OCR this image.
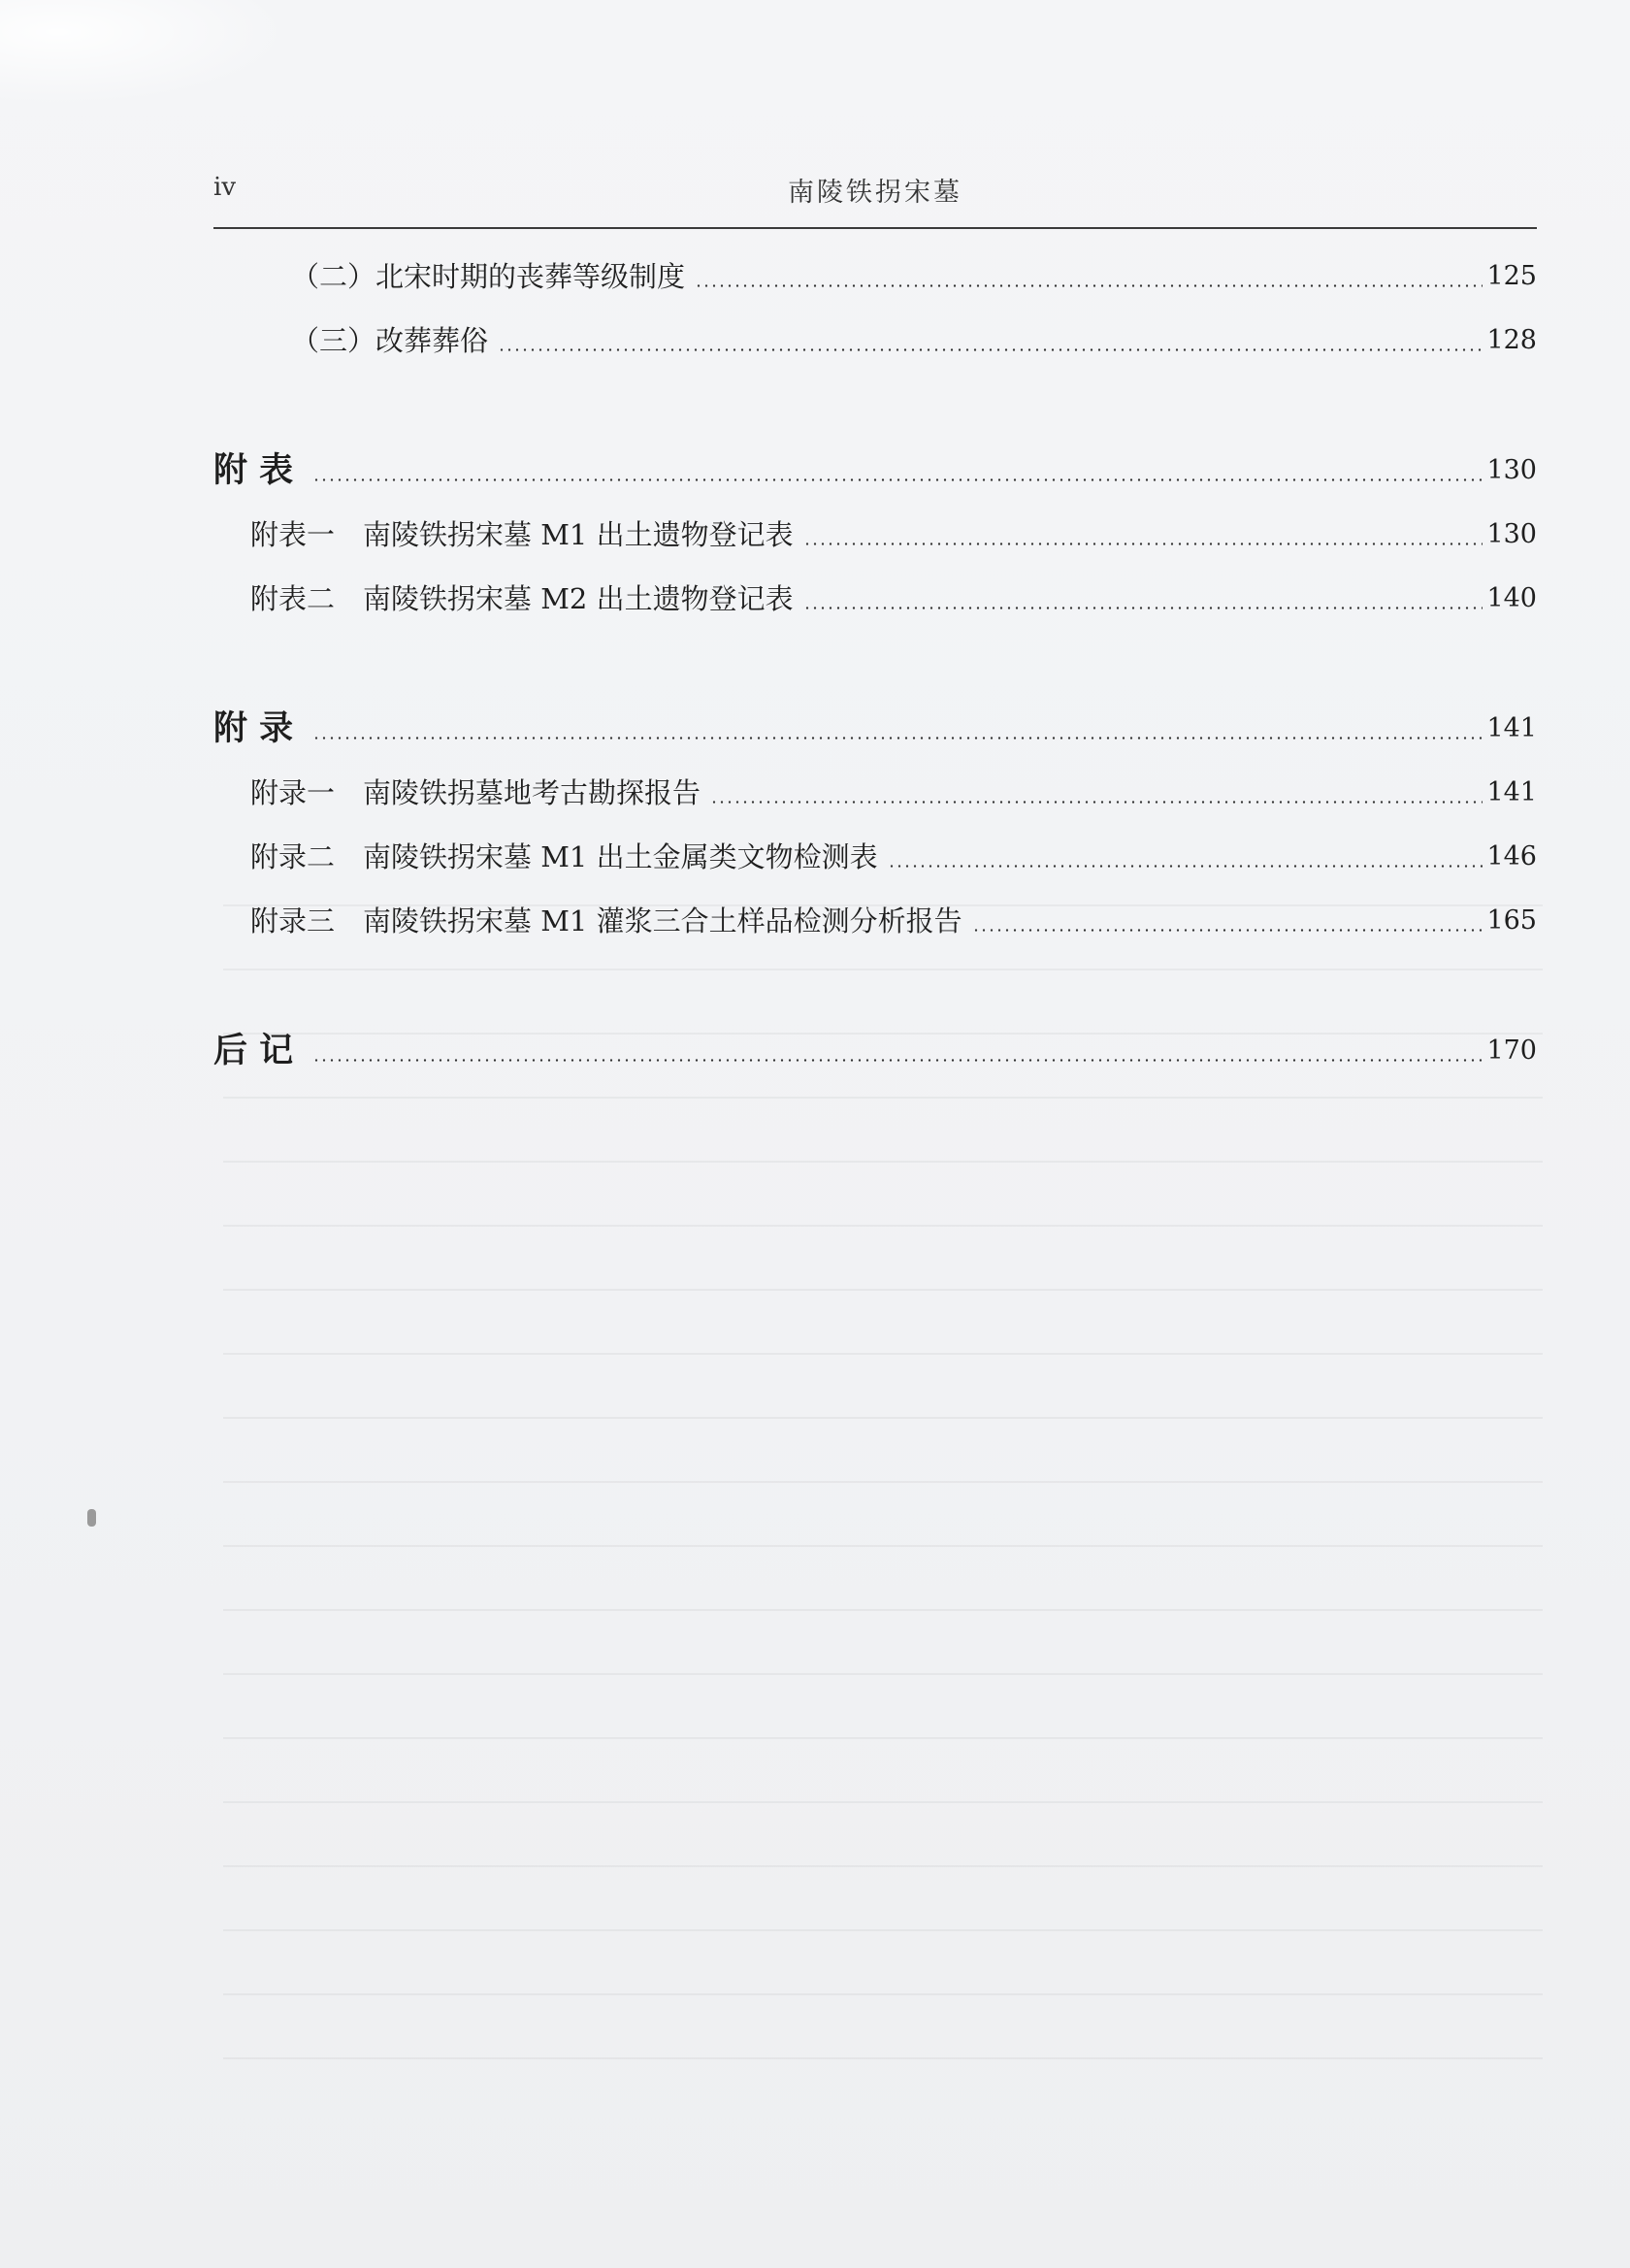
iv	南陵铁拐宋墓
（二）北宋时期的丧葬等级制度	125
（三）改葬葬俗	128
附 表	130
附表一　南陵铁拐宋墓 M1 出土遗物登记表	130
附表二　南陵铁拐宋墓 M2 出土遗物登记表	140
附 录	141
附录一　南陵铁拐墓地考古勘探报告	141
附录二　南陵铁拐宋墓 M1 出土金属类文物检测表	146
附录三　南陵铁拐宋墓 M1 灌浆三合土样品检测分析报告	165
后 记	170
